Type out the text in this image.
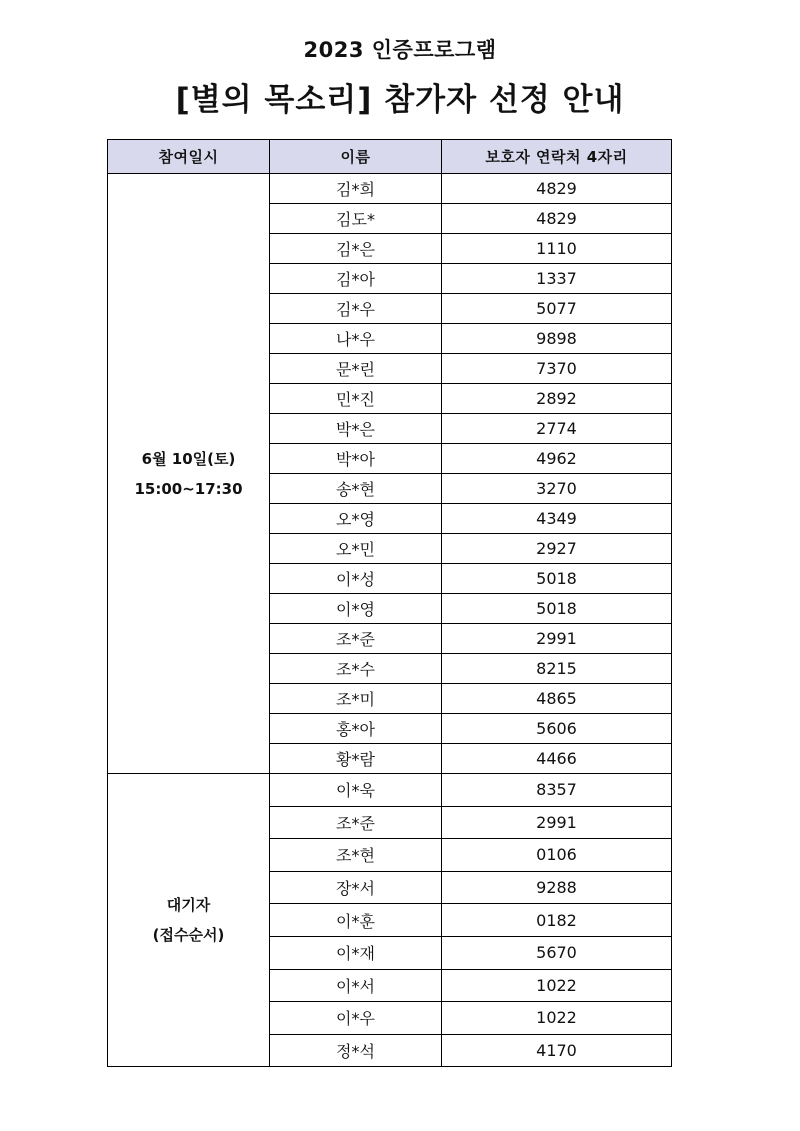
2023 인증프로그램
[별의 목소리] 참가자 선정 안내
참여일시	이름	보호자 연락처 4자리

6월 10일(토)
15:00~17:30	김*희	4829
	김도*	4829
	김*은	1110
	김*아	1337
	김*우	5077
	나*우	9898
	문*린	7370
	민*진	2892
	박*은	2774
	박*아	4962
	송*현	3270
	오*영	4349
	오*민	2927
	이*성	5018
	이*영	5018
	조*준	2991
	조*수	8215
	조*미	4865
	홍*아	5606
	황*람	4466

대기자
(접수순서)	이*욱	8357
	조*준	2991
	조*현	0106
	장*서	9288
	이*훈	0182
	이*재	5670
	이*서	1022
	이*우	1022
	정*석	4170
